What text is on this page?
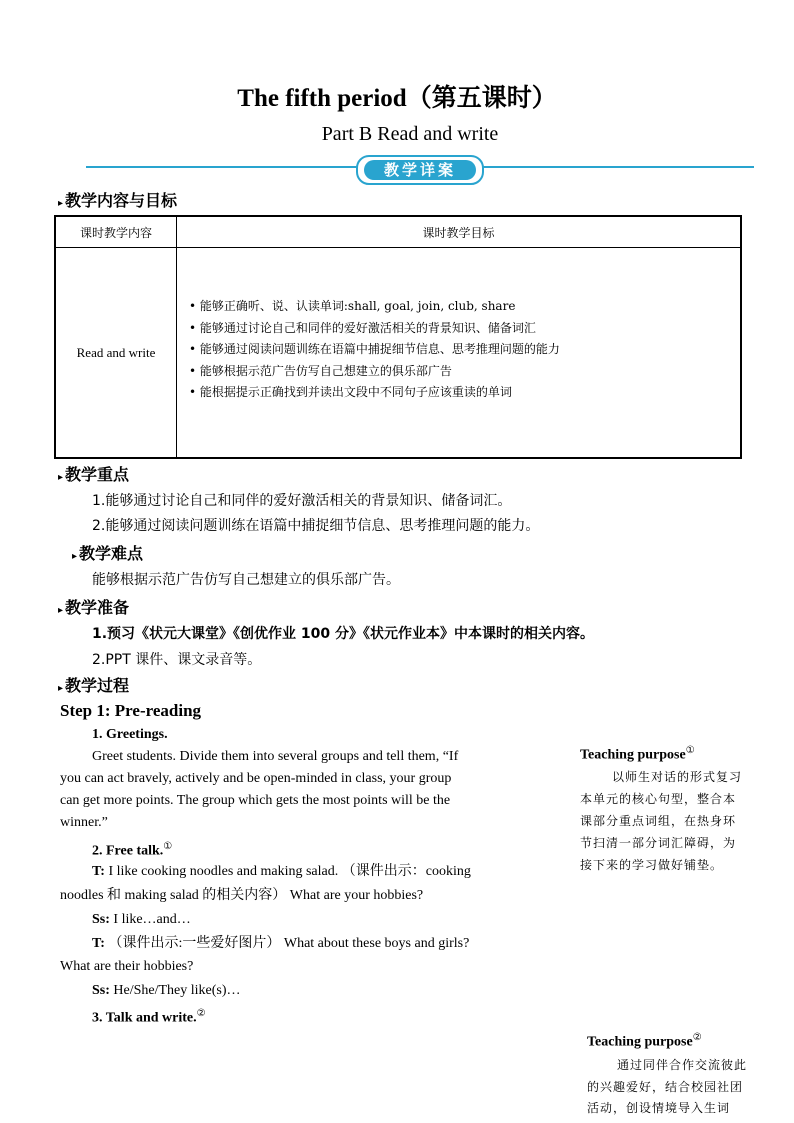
The fifth period（第五课时）
Part B Read and write
教学详案
▸ 教学内容与目标
课时教学内容	课时教学目标
Read and write	• 能够正确听、说、认读单词:shall, goal, join, club, share
• 能够通过讨论自己和同伴的爱好激活相关的背景知识、储备词汇
• 能够通过阅读问题训练在语篇中捕捉细节信息、思考推理问题的能力
• 能够根据示范广告仿写自己想建立的俱乐部广告
• 能根据提示正确找到并读出文段中不同句子应该重读的单词
▸ 教学重点
1.能够通过讨论自己和同伴的爱好激活相关的背景知识、储备词汇。
2.能够通过阅读问题训练在语篇中捕捉细节信息、思考推理问题的能力。
▸ 教学难点
能够根据示范广告仿写自己想建立的俱乐部广告。
▸ 教学准备
1.预习《状元大课堂》《创优作业 100 分》《状元作业本》中本课时的相关内容。
2.PPT 课件、课文录音等。
▸ 教学过程
Step 1: Pre-reading
1. Greetings.
Greet students. Divide them into several groups and tell them, “If
you can act bravely, actively and be open-minded in class, your group
can get more points. The group which gets the most points will be the
winner.”
2. Free talk.①
T: I like cooking noodles and making salad. （课件出示：cooking
noodles 和 making salad 的相关内容） What are your hobbies?
Ss: I like…and…
T: （课件出示:一些爱好图片） What about these boys and girls?
What are their hobbies?
Ss: He/She/They like(s)…
3. Talk and write.②
Teaching purpose①
以师生对话的形式复习
本单元的核心句型，整合本
课部分重点词组，在热身环
节扫清一部分词汇障碍，为
接下来的学习做好铺垫。
Teaching purpose②
通过同伴合作交流彼此
的兴趣爱好，结合校园社团
活动，创设情境导入生词
